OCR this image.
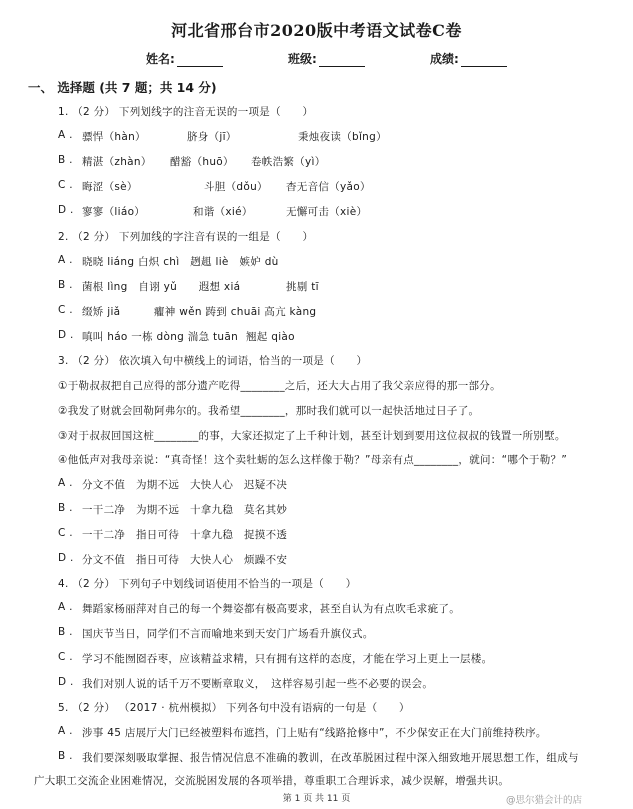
河北省邢台市2020版中考语文试卷C卷
姓名:	班级:	成绩:
一、 选择题 (共 7 题；共 14 分)
1. （2 分） 下列划线字的注音无误的一项是（　　）
A . 骠悍（hàn）	脐身（jī）	秉烛夜读（bǐng）
B . 精湛（zhàn） 醋豁（huō） 卷帙浩繁（yì）
C . 晦涩（sè）	斗胆（dǒu） 杳无音信（yǎo）
D . 寥寥（liáo）	和谐（xié）	无懈可击（xiè）
2. （2 分） 下列加线的字注音有误的一组是（　　）
A . 晓晓 liáng 白炽 chì　趔趄 liè　嫉妒 dù
B . 菌根 lìng　自诩 yǔ　　遐想 xiá	挑剔 tī
C . 缀矫 jiǎ	癯神 wěn 踌到 chuāi 高亢 kàng
D . 嗔叫 háo 一栋 dòng 湍急 tuān 翘起 qiào
3. （2 分） 依次填入句中横线上的词语，恰当的一项是（　　）
①于勒叔叔把自己应得的部分遗产吃得________之后，还大大占用了我父亲应得的那一部分。
②我发了财就会回勒阿弗尔的。我希望________，那时我们就可以一起快活地过日子了。
③对于叔叔回国这桩________的事，大家还拟定了上千种计划，甚至计划到要用这位叔叔的钱置一所别墅。
④他低声对我母亲说：“真奇怪！这个卖牡蛎的怎么这样像于勒？”母亲有点________，就问：“哪个于勒？”
A . 分文不值　为期不远　大快人心　迟疑不决
B . 一干二净　为期不远　十拿九稳　莫名其妙
C . 一干二净　指日可待　十拿九稳　捉摸不透
D . 分文不值　指日可待　大快人心　烦躁不安
4. （2 分） 下列句子中划线词语使用不恰当的一项是（　　）
A . 舞蹈家杨丽萍对自己的每一个舞姿都有极高要求，甚至自认为有点吹毛求疵了。
B . 国庆节当日，同学们不言而喻地来到天安门广场看升旗仪式。
C . 学习不能囫囵吞枣，应该精益求精，只有拥有这样的态度，才能在学习上更上一层楼。
D . 我们对别人说的话千万不要断章取义，　这样容易引起一些不必要的误会。
5. （2 分） （2017 · 杭州模拟） 下列各句中没有语病的一句是（　　）
A . 涉事 45 店展厅大门已经被塑料布遮挡，门上贴有“线路抢修中”，不少保安正在大门前维持秩序。
B . 我们要深刻吸取掌握、报告情况信息不准确的教训，在改革脱困过程中深入细致地开展思想工作，组成与
广大职工交流企业困难情况，交流脱困发展的各项举措，尊重职工合理诉求，减少误解，增强共识。
第 1 页 共 11 页	@思尔猎会计的店
